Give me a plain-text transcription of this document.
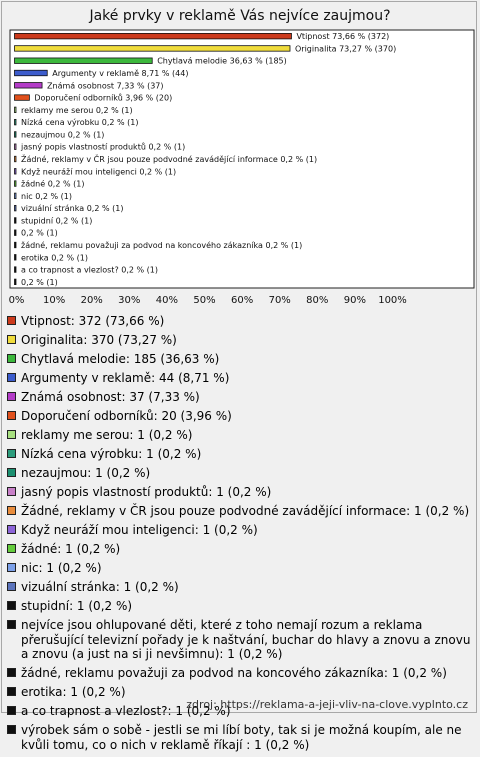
Jaké prvky v reklamě Vás nejvíce zaujmou?
Vtipnost 73,66 % (372)
Originalita 73,27 % (370)
Chytlavá melodie 36,63 % (185)
Argumenty v reklamě 8,71 % (44)
Známá osobnost 7,33 % (37)
Doporučení odborníků 3,96 % (20)
reklamy me serou 0,2 % (1)
Nízká cena výrobku 0,2 % (1)
nezaujmou 0,2 % (1)
jasný popis vlastností produktů 0,2 % (1)
Žádné, reklamy v ČR jsou pouze podvodné zavádějící informace 0,2 % (1)
Když neuráží mou inteligenci 0,2 % (1)
žádné 0,2 % (1)
nic 0,2 % (1)
vizuální stránka 0,2 % (1)
stupidní 0,2 % (1)
0,2 % (1)
žádné, reklamu považuji za podvod na koncového zákazníka 0,2 % (1)
erotika 0,2 % (1)
a co trapnost a vlezlost? 0,2 % (1)
0,2 % (1)
0% 10% 20% 30% 40% 50% 60% 70% 80% 90% 100%
Vtipnost: 372 (73,66 %)
Originalita: 370 (73,27 %)
Chytlavá melodie: 185 (36,63 %)
Argumenty v reklamě: 44 (8,71 %)
Známá osobnost: 37 (7,33 %)
Doporučení odborníků: 20 (3,96 %)
reklamy me serou: 1 (0,2 %)
Nízká cena výrobku: 1 (0,2 %)
nezaujmou: 1 (0,2 %)
jasný popis vlastností produktů: 1 (0,2 %)
Žádné, reklamy v ČR jsou pouze podvodné zavádějící informace: 1 (0,2 %)
Když neuráží mou inteligenci: 1 (0,2 %)
žádné: 1 (0,2 %)
nic: 1 (0,2 %)
vizuální stránka: 1 (0,2 %)
stupidní: 1 (0,2 %)
nejvíce jsou ohlupované děti, které z toho nemají rozum a reklama přerušující televizní pořady je k naštvání, buchar do hlavy a znovu a znovu a znovu (a just na si ji nevšimnu): 1 (0,2 %)
žádné, reklamu považuji za podvod na koncového zákazníka: 1 (0,2 %)
erotika: 1 (0,2 %)
a co trapnost a vlezlost?: 1 (0,2 %)
výrobek sám o sobě - jestli se mi líbí boty, tak si je možná koupím, ale ne kvůli tomu, co o nich v reklamě říkají : 1 (0,2 %)
zdroj: https://reklama-a-jeji-vliv-na-clove.vyplnto.cz
